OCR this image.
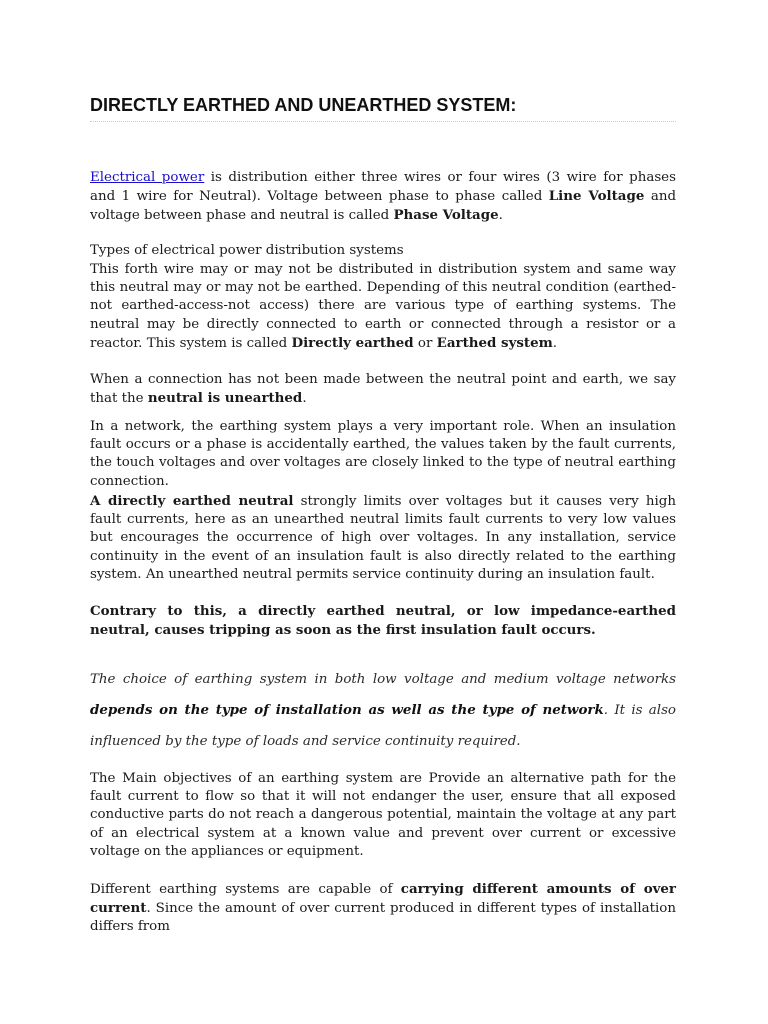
DIRECTLY EARTHED AND UNEARTHED SYSTEM:

Electrical power is distribution either three wires or four wires (3 wire for phases and 1 wire for Neutral). Voltage between phase to phase called Line Voltage and voltage between phase and neutral is called Phase Voltage.

Types of electrical power distribution systems

This forth wire may or may not be distributed in distribution system and same way this neutral may or may not be earthed. Depending of this neutral condition (earthed-not earthed-access-not access) there are various type of earthing systems. The neutral may be directly connected to earth or connected through a resistor or a reactor. This system is called Directly earthed or Earthed system.

When a connection has not been made between the neutral point and earth, we say that the neutral is unearthed.

In a network, the earthing system plays a very important role. When an insulation fault occurs or a phase is accidentally earthed, the values taken by the fault currents, the touch voltages and over voltages are closely linked to the type of neutral earthing connection.

A directly earthed neutral strongly limits over voltages but it causes very high fault currents, here as an unearthed neutral limits fault currents to very low values but encourages the occurrence of high over voltages. In any installation, service continuity in the event of an insulation fault is also directly related to the earthing system. An unearthed neutral permits service continuity during an insulation fault.

Contrary to this, a directly earthed neutral, or low impedance-earthed neutral, causes tripping as soon as the first insulation fault occurs.

The choice of earthing system in both low voltage and medium voltage networks depends on the type of installation as well as the type of network. It is also influenced by the type of loads and service continuity required.

The Main objectives of an earthing system are Provide an alternative path for the fault current to flow so that it will not endanger the user, ensure that all exposed conductive parts do not reach a dangerous potential, maintain the voltage at any part of an electrical system at a known value and prevent over current or excessive voltage on the appliances or equipment.

Different earthing systems are capable of carrying different amounts of over current. Since the amount of over current produced in different types of installation differs from
